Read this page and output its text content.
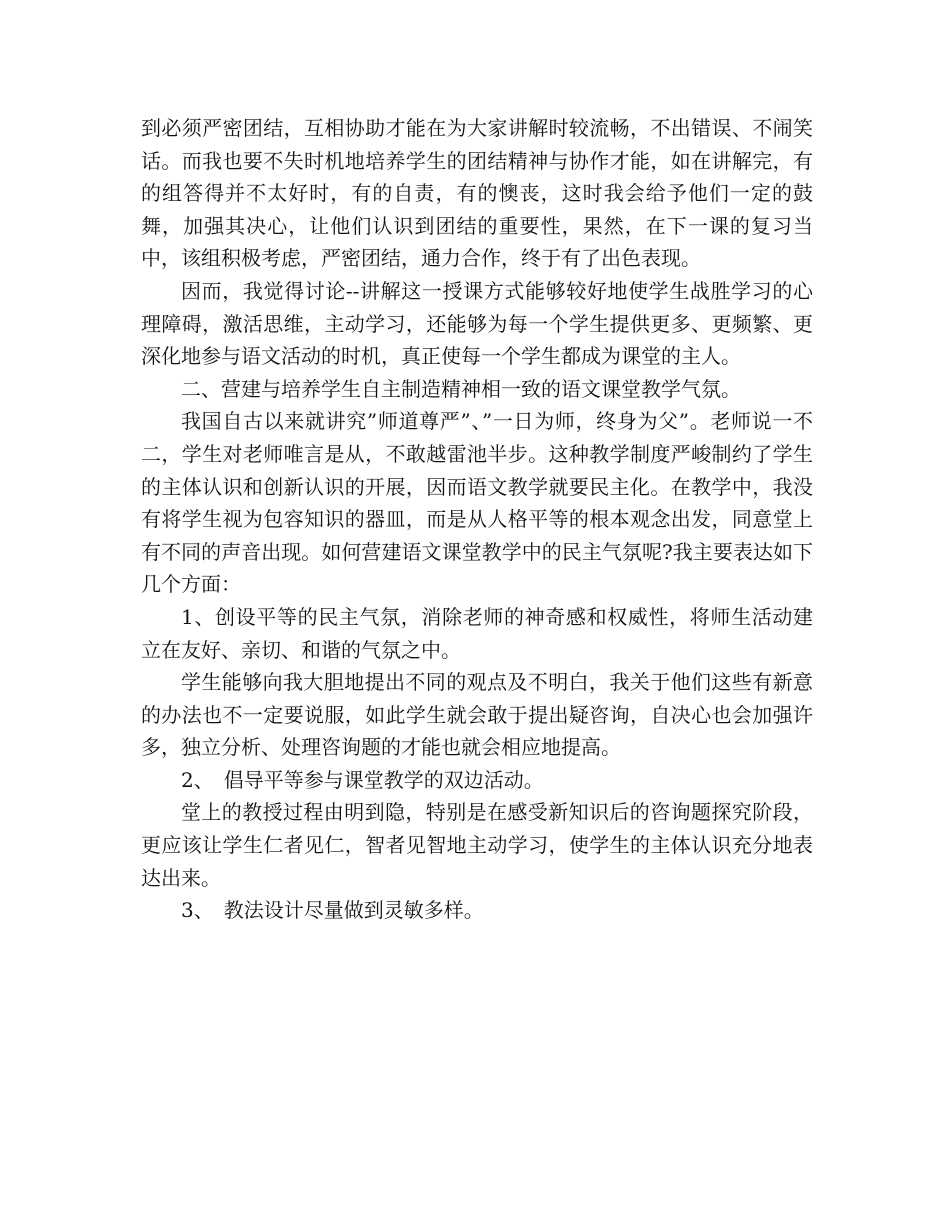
到必须严密团结，互相协助才能在为大家讲解时较流畅，不出错误、不闹笑话。而我也要不失时机地培养学生的团结精神与协作才能，如在讲解完，有的组答得并不太好时，有的自责，有的懊丧，这时我会给予他们一定的鼓舞，加强其决心，让他们认识到团结的重要性，果然，在下一课的复习当中，该组积极考虑，严密团结，通力合作，终于有了出色表现。

因而，我觉得讨论--讲解这一授课方式能够较好地使学生战胜学习的心理障碍，激活思维，主动学习，还能够为每一个学生提供更多、更频繁、更深化地参与语文活动的时机，真正使每一个学生都成为课堂的主人。

二、营建与培养学生自主制造精神相一致的语文课堂教学气氛。

我国自古以来就讲究”师道尊严”、”一日为师，终身为父”。老师说一不二，学生对老师唯言是从，不敢越雷池半步。这种教学制度严峻制约了学生的主体认识和创新认识的开展，因而语文教学就要民主化。在教学中，我没有将学生视为包容知识的器皿，而是从人格平等的根本观念出发，同意堂上有不同的声音出现。如何营建语文课堂教学中的民主气氛呢?我主要表达如下几个方面：

1、创设平等的民主气氛，消除老师的神奇感和权威性，将师生活动建立在友好、亲切、和谐的气氛之中。

学生能够向我大胆地提出不同的观点及不明白，我关于他们这些有新意的办法也不一定要说服，如此学生就会敢于提出疑咨询，自决心也会加强许多，独立分析、处理咨询题的才能也就会相应地提高。

2、　倡导平等参与课堂教学的双边活动。

堂上的教授过程由明到隐，特别是在感受新知识后的咨询题探究阶段，更应该让学生仁者见仁，智者见智地主动学习，使学生的主体认识充分地表达出来。

3、　教法设计尽量做到灵敏多样。
